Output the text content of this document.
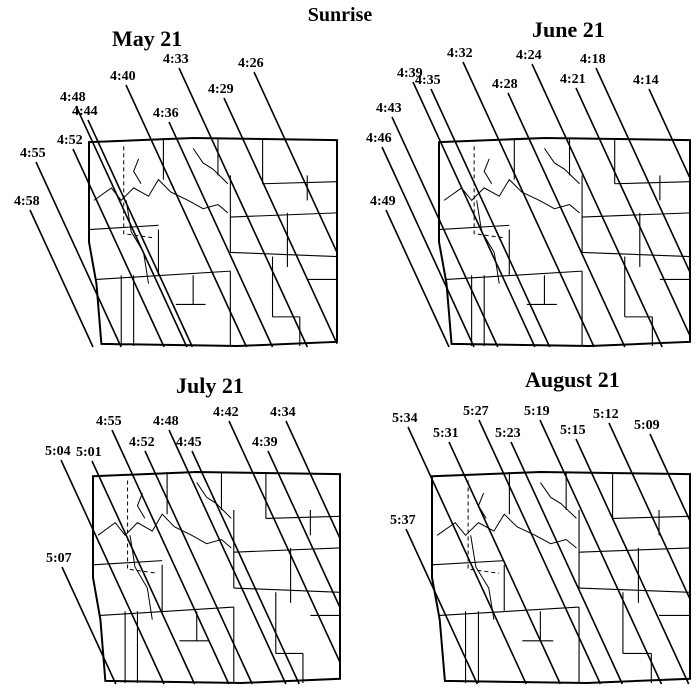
Sunrise
May 21
4:58
4:55
4:52
4:48
4:44
4:40
4:36
4:33
4:29
4:26
June 21
4:49
4:46
4:43
4:39
4:35
4:32
4:28
4:24
4:21
4:18
4:14
July 21
5:07
5:04 5:01
4:55
4:52
4:48
4:45
4:42
4:39
4:34
August 21
5:37
5:34
5:31
5:27
5:23
5:19
5:15
5:12
5:09
